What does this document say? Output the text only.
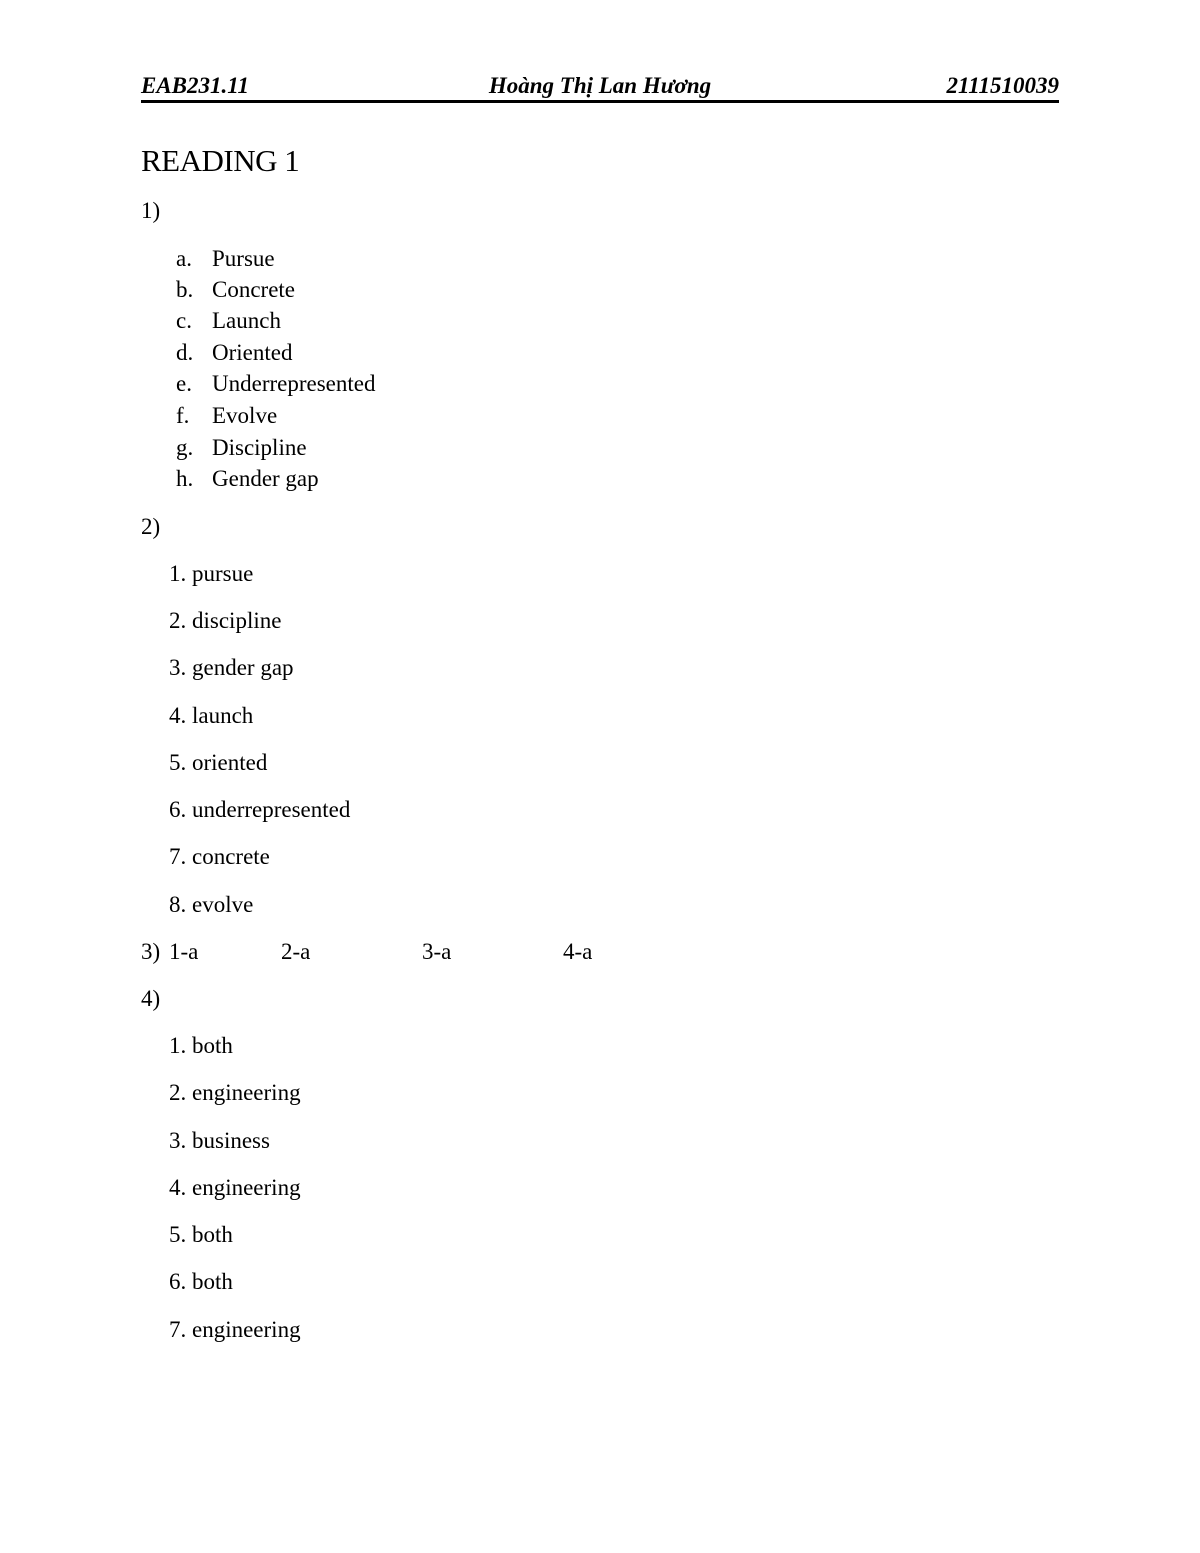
EAB231.11	Hoàng Thị Lan Hương	2111510039
READING 1
1)
a. Pursue
b. Concrete
c. Launch
d. Oriented
e. Underrepresented
f. Evolve
g. Discipline
h. Gender gap
2)
1. pursue
2. discipline
3. gender gap
4. launch
5. oriented
6. underrepresented
7. concrete
8. evolve
3) 1-a	2-a	3-a	4-a
4)
1. both
2. engineering
3. business
4. engineering
5. both
6. both
7. engineering
